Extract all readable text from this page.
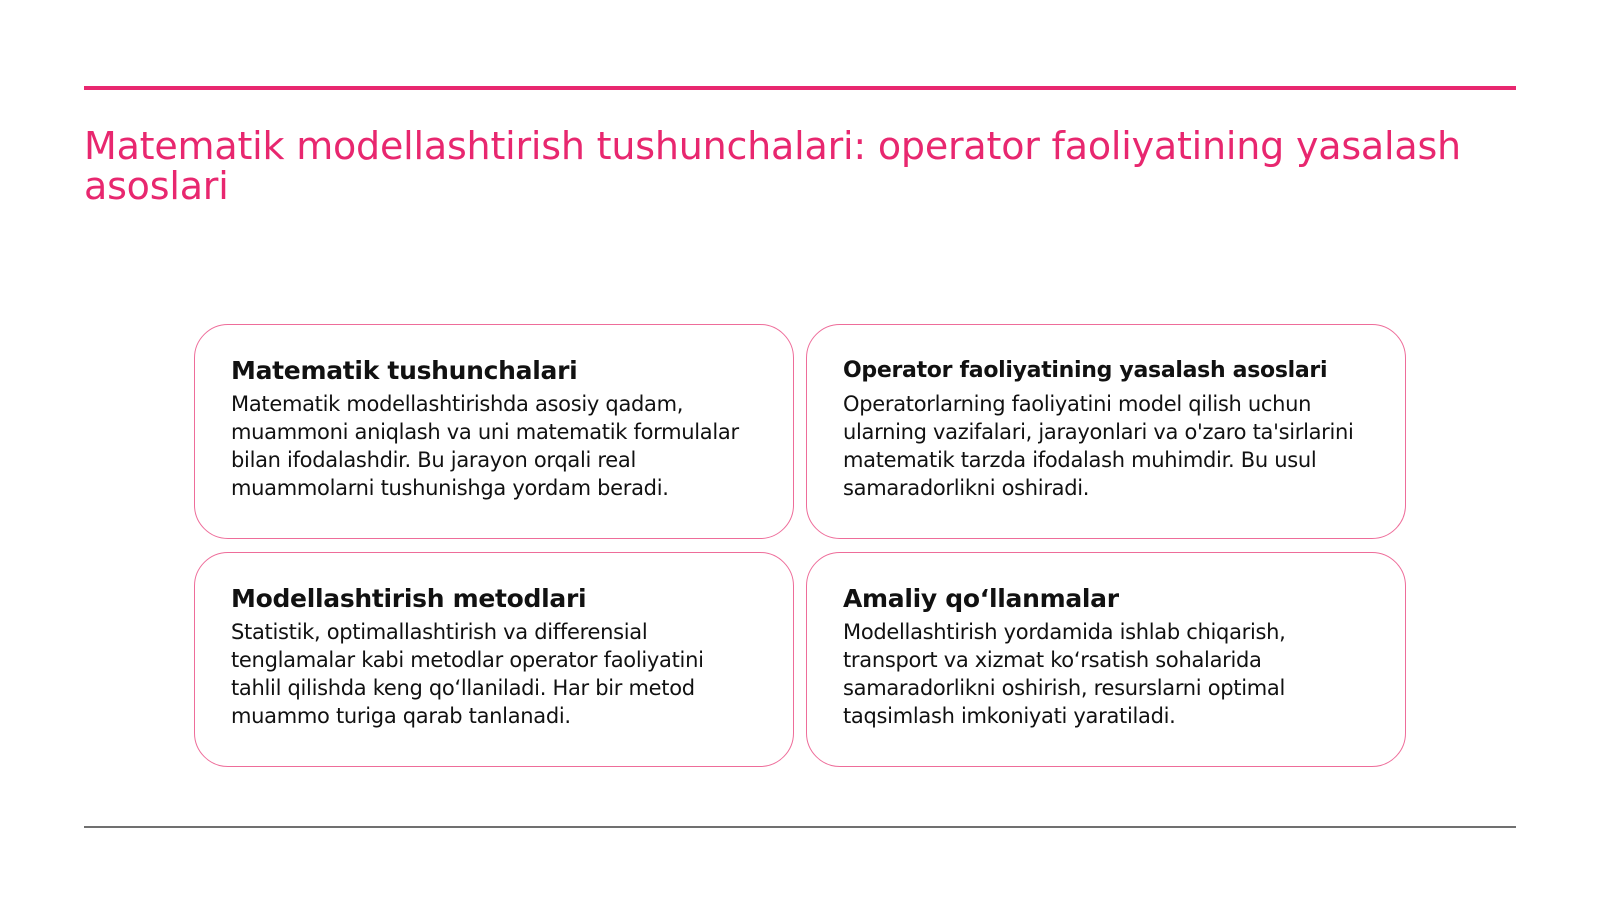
Matematik modellashtirish tushunchalari: operator faoliyatining yasalash asoslari
Matematik tushunchalari

Matematik modellashtirishda asosiy qadam, muammoni aniqlash va uni matematik formulalar bilan ifodalashdir. Bu jarayon orqali real muammolarni tushunishga yordam beradi.

Operator faoliyatining yasalash asoslari

Operatorlarning faoliyatini model qilish uchun ularning vazifalari, jarayonlari va o'zaro ta'sirlarini matematik tarzda ifodalash muhimdir. Bu usul samaradorlikni oshiradi.

Modellashtirish metodlari

Statistik, optimallashtirish va differensial tenglamalar kabi metodlar operator faoliyatini tahlil qilishda keng qo‘llaniladi. Har bir metod muammo turiga qarab tanlanadi.

Amaliy qo‘llanmalar

Modellashtirish yordamida ishlab chiqarish, transport va xizmat ko‘rsatish sohalarida samaradorlikni oshirish, resurslarni optimal taqsimlash imkoniyati yaratiladi.
